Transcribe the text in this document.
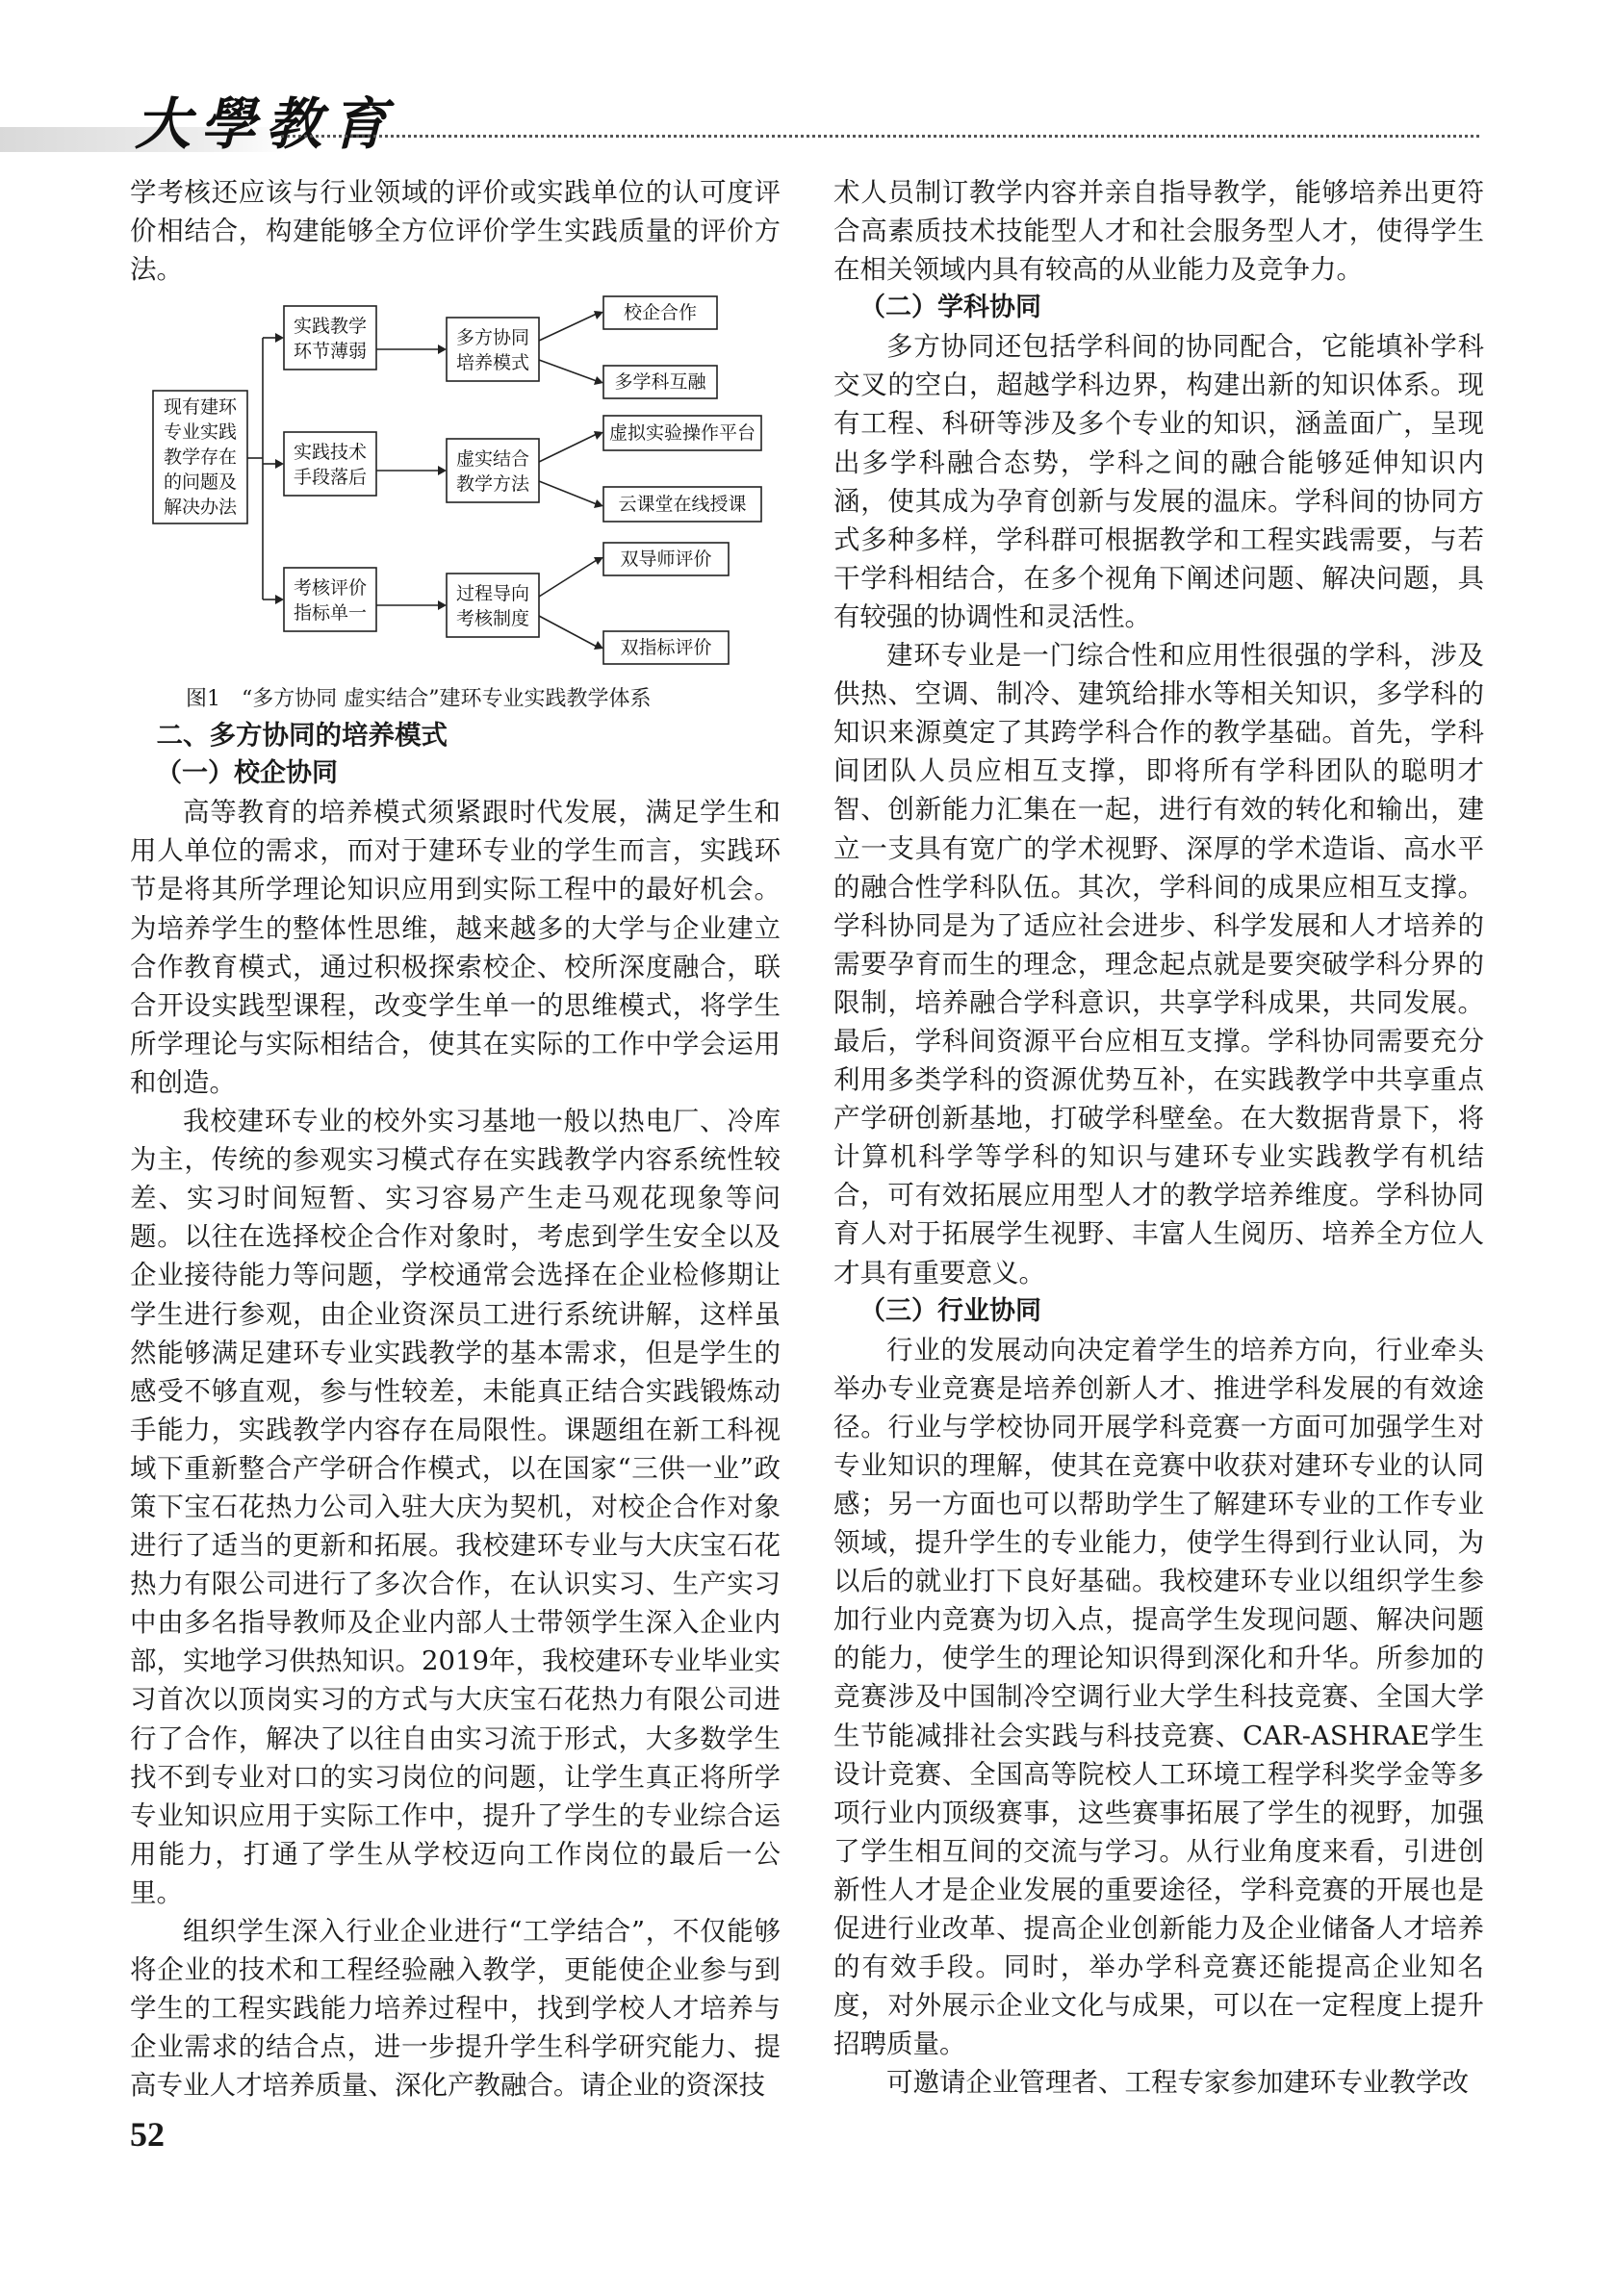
大學教育

学考核还应该与行业领域的评价或实践单位的认可度评价相结合，构建能够全方位评价学生实践质量的评价方法。

现有建环专业实践教学存在的问题及解决办法
实践教学环节薄弱
实践技术手段落后
考核评价指标单一
多方协同培养模式
虚实结合教学方法
过程导向考核制度
校企合作
多学科互融
虚拟实验操作平台
云课堂在线授课
双导师评价
双指标评价

图1　“多方协同 虚实结合”建环专业实践教学体系

二、多方协同的培养模式
（一）校企协同

高等教育的培养模式须紧跟时代发展，满足学生和用人单位的需求，而对于建环专业的学生而言，实践环节是将其所学理论知识应用到实际工程中的最好机会。为培养学生的整体性思维，越来越多的大学与企业建立合作教育模式，通过积极探索校企、校所深度融合，联合开设实践型课程，改变学生单一的思维模式，将学生所学理论与实际相结合，使其在实际的工作中学会运用和创造。

我校建环专业的校外实习基地一般以热电厂、冷库为主，传统的参观实习模式存在实践教学内容系统性较差、实习时间短暂、实习容易产生走马观花现象等问题。以往在选择校企合作对象时，考虑到学生安全以及企业接待能力等问题，学校通常会选择在企业检修期让学生进行参观，由企业资深员工进行系统讲解，这样虽然能够满足建环专业实践教学的基本需求，但是学生的感受不够直观，参与性较差，未能真正结合实践锻炼动手能力，实践教学内容存在局限性。课题组在新工科视域下重新整合产学研合作模式，以在国家“三供一业”政策下宝石花热力公司入驻大庆为契机，对校企合作对象进行了适当的更新和拓展。我校建环专业与大庆宝石花热力有限公司进行了多次合作，在认识实习、生产实习中由多名指导教师及企业内部人士带领学生深入企业内部，实地学习供热知识。2019年，我校建环专业毕业实习首次以顶岗实习的方式与大庆宝石花热力有限公司进行了合作，解决了以往自由实习流于形式，大多数学生找不到专业对口的实习岗位的问题，让学生真正将所学专业知识应用于实际工作中，提升了学生的专业综合运用能力，打通了学生从学校迈向工作岗位的最后一公里。

组织学生深入行业企业进行“工学结合”，不仅能够将企业的技术和工程经验融入教学，更能使企业参与到学生的工程实践能力培养过程中，找到学校人才培养与企业需求的结合点，进一步提升学生科学研究能力、提高专业人才培养质量、深化产教融合。请企业的资深技

术人员制订教学内容并亲自指导教学，能够培养出更符合高素质技术技能型人才和社会服务型人才，使得学生在相关领域内具有较高的从业能力及竞争力。

（二）学科协同

多方协同还包括学科间的协同配合，它能填补学科交叉的空白，超越学科边界，构建出新的知识体系。现有工程、科研等涉及多个专业的知识，涵盖面广，呈现出多学科融合态势，学科之间的融合能够延伸知识内涵，使其成为孕育创新与发展的温床。学科间的协同方式多种多样，学科群可根据教学和工程实践需要，与若干学科相结合，在多个视角下阐述问题、解决问题，具有较强的协调性和灵活性。

建环专业是一门综合性和应用性很强的学科，涉及供热、空调、制冷、建筑给排水等相关知识，多学科的知识来源奠定了其跨学科合作的教学基础。首先，学科间团队人员应相互支撑，即将所有学科团队的聪明才智、创新能力汇集在一起，进行有效的转化和输出，建立一支具有宽广的学术视野、深厚的学术造诣、高水平的融合性学科队伍。其次，学科间的成果应相互支撑。学科协同是为了适应社会进步、科学发展和人才培养的需要孕育而生的理念，理念起点就是要突破学科分界的限制，培养融合学科意识，共享学科成果，共同发展。最后，学科间资源平台应相互支撑。学科协同需要充分利用多类学科的资源优势互补，在实践教学中共享重点产学研创新基地，打破学科壁垒。在大数据背景下，将计算机科学等学科的知识与建环专业实践教学有机结合，可有效拓展应用型人才的教学培养维度。学科协同育人对于拓展学生视野、丰富人生阅历、培养全方位人才具有重要意义。

（三）行业协同

行业的发展动向决定着学生的培养方向，行业牵头举办专业竞赛是培养创新人才、推进学科发展的有效途径。行业与学校协同开展学科竞赛一方面可加强学生对专业知识的理解，使其在竞赛中收获对建环专业的认同感；另一方面也可以帮助学生了解建环专业的工作专业领域，提升学生的专业能力，使学生得到行业认同，为以后的就业打下良好基础。我校建环专业以组织学生参加行业内竞赛为切入点，提高学生发现问题、解决问题的能力，使学生的理论知识得到深化和升华。所参加的竞赛涉及中国制冷空调行业大学生科技竞赛、全国大学生节能减排社会实践与科技竞赛、CAR-ASHRAE学生设计竞赛、全国高等院校人工环境工程学科奖学金等多项行业内顶级赛事，这些赛事拓展了学生的视野，加强了学生相互间的交流与学习。从行业角度来看，引进创新性人才是企业发展的重要途径，学科竞赛的开展也是促进行业改革、提高企业创新能力及企业储备人才培养的有效手段。同时，举办学科竞赛还能提高企业知名度，对外展示企业文化与成果，可以在一定程度上提升招聘质量。

可邀请企业管理者、工程专家参加建环专业教学改

52
